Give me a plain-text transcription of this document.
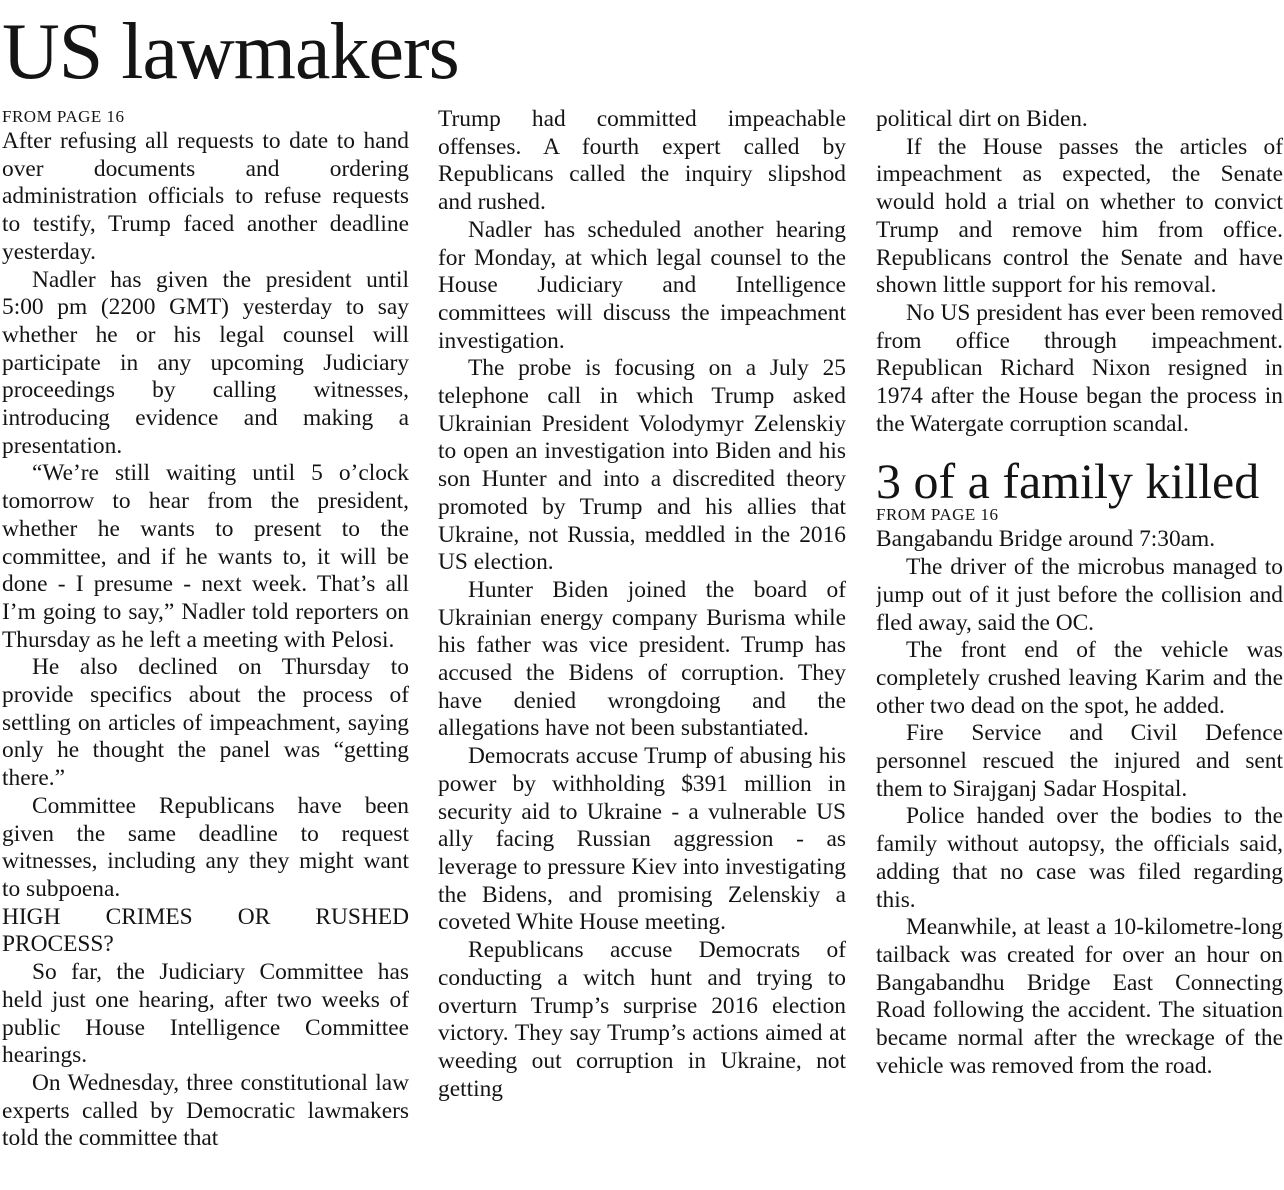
US lawmakers
FROM PAGE 16

After refusing all requests to date to hand over documents and ordering administration officials to refuse requests to testify, Trump faced another deadline yesterday.

Nadler has given the president until 5:00 pm (2200 GMT) yesterday to say whether he or his legal counsel will participate in any upcoming Judiciary proceedings by calling witnesses, introducing evidence and making a presentation.

“We’re still waiting until 5 o’clock tomorrow to hear from the president, whether he wants to present to the committee, and if he wants to, it will be done - I presume - next week. That’s all I’m going to say,” Nadler told reporters on Thursday as he left a meeting with Pelosi.

He also declined on Thursday to provide specifics about the process of settling on articles of impeachment, saying only he thought the panel was “getting there.”

Committee Republicans have been given the same deadline to request witnesses, including any they might want to subpoena.

HIGH CRIMES OR RUSHED

PROCESS?

So far, the Judiciary Committee has held just one hearing, after two weeks of public House Intelligence Committee hearings.

On Wednesday, three constitutional law experts called by Democratic lawmakers told the committee that

Trump had committed impeachable offenses. A fourth expert called by Republicans called the inquiry slipshod and rushed.

Nadler has scheduled another hearing for Monday, at which legal counsel to the House Judiciary and Intelligence committees will discuss the impeachment investigation.

The probe is focusing on a July 25 telephone call in which Trump asked Ukrainian President Volodymyr Zelenskiy to open an investigation into Biden and his son Hunter and into a discredited theory promoted by Trump and his allies that Ukraine, not Russia, meddled in the 2016 US election.

Hunter Biden joined the board of Ukrainian energy company Burisma while his father was vice president. Trump has accused the Bidens of corruption. They have denied wrongdoing and the allegations have not been substantiated.

Democrats accuse Trump of abusing his power by withholding $391 million in security aid to Ukraine - a vulnerable US ally facing Russian aggression - as leverage to pressure Kiev into investigating the Bidens, and promising Zelenskiy a coveted White House meeting.

Republicans accuse Democrats of conducting a witch hunt and trying to overturn Trump’s surprise 2016 election victory. They say Trump’s actions aimed at weeding out corruption in Ukraine, not getting

political dirt on Biden.

If the House passes the articles of impeachment as expected, the Senate would hold a trial on whether to convict Trump and remove him from office. Republicans control the Senate and have shown little support for his removal.

No US president has ever been removed from office through impeachment. Republican Richard Nixon resigned in 1974 after the House began the process in the Watergate corruption scandal.

3 of a family killed
FROM PAGE 16

Bangabandu Bridge around 7:30am.

The driver of the microbus managed to jump out of it just before the collision and fled away, said the OC.

The front end of the vehicle was completely crushed leaving Karim and the other two dead on the spot, he added.

Fire Service and Civil Defence personnel rescued the injured and sent them to Sirajganj Sadar Hospital.

Police handed over the bodies to the family without autopsy, the officials said, adding that no case was filed regarding this.

Meanwhile, at least a 10-kilometre-long tailback was created for over an hour on Bangabandhu Bridge East Connecting Road following the accident. The situation became normal after the wreckage of the vehicle was removed from the road.
